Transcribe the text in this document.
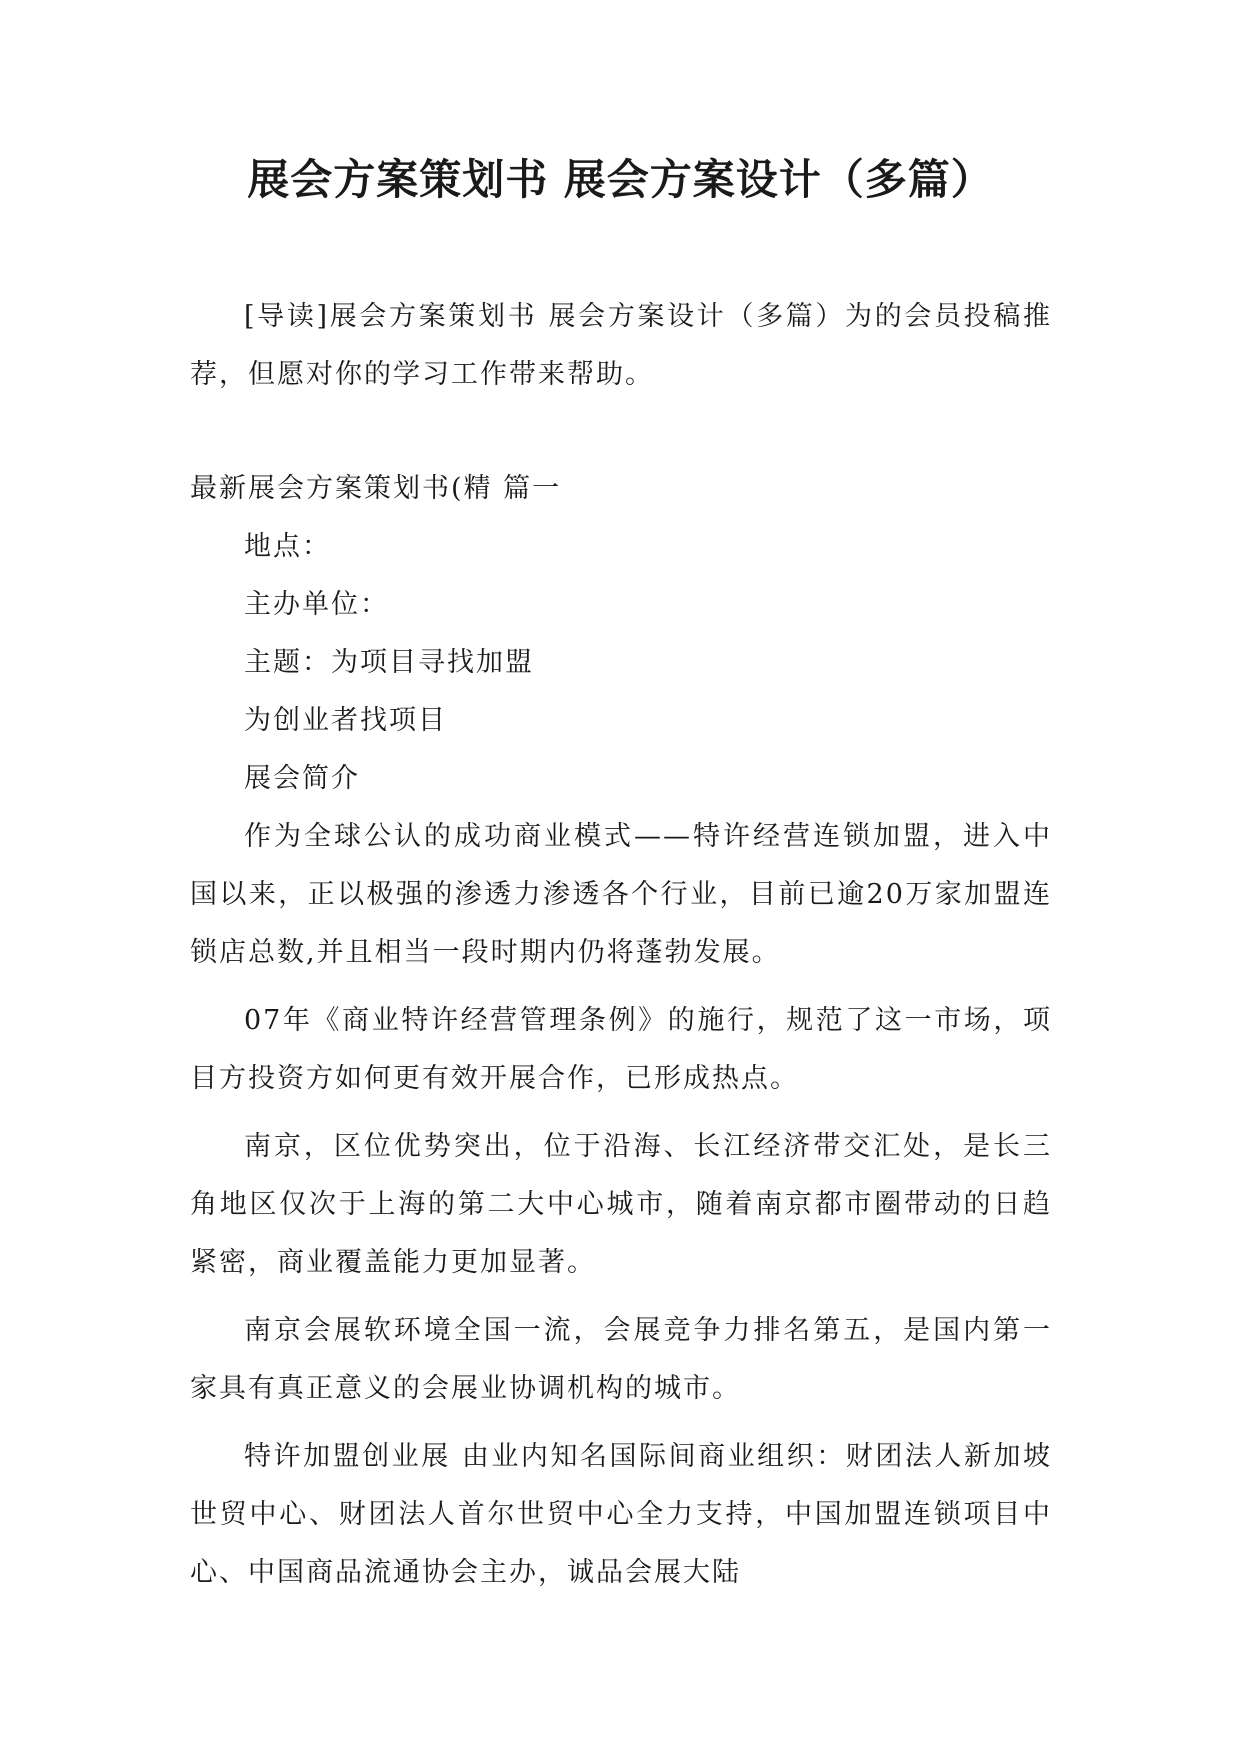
展会方案策划书 展会方案设计（多篇）

[导读]展会方案策划书 展会方案设计（多篇）为的会员投稿推荐，但愿对你的学习工作带来帮助。

最新展会方案策划书(精 篇一

地点：

主办单位：

主题：为项目寻找加盟

为创业者找项目

展会简介

作为全球公认的成功商业模式——特许经营连锁加盟，进入中国以来，正以极强的渗透力渗透各个行业，目前已逾20万家加盟连锁店总数,并且相当一段时期内仍将蓬勃发展。

07年《商业特许经营管理条例》的施行，规范了这一市场，项目方投资方如何更有效开展合作，已形成热点。

南京，区位优势突出，位于沿海、长江经济带交汇处，是长三角地区仅次于上海的第二大中心城市，随着南京都市圈带动的日趋紧密，商业覆盖能力更加显著。

南京会展软环境全国一流，会展竞争力排名第五，是国内第一家具有真正意义的会展业协调机构的城市。

特许加盟创业展 由业内知名国际间商业组织：财团法人新加坡世贸中心、财团法人首尔世贸中心全力支持，中国加盟连锁项目中心、中国商品流通协会主办，诚品会展大陆
